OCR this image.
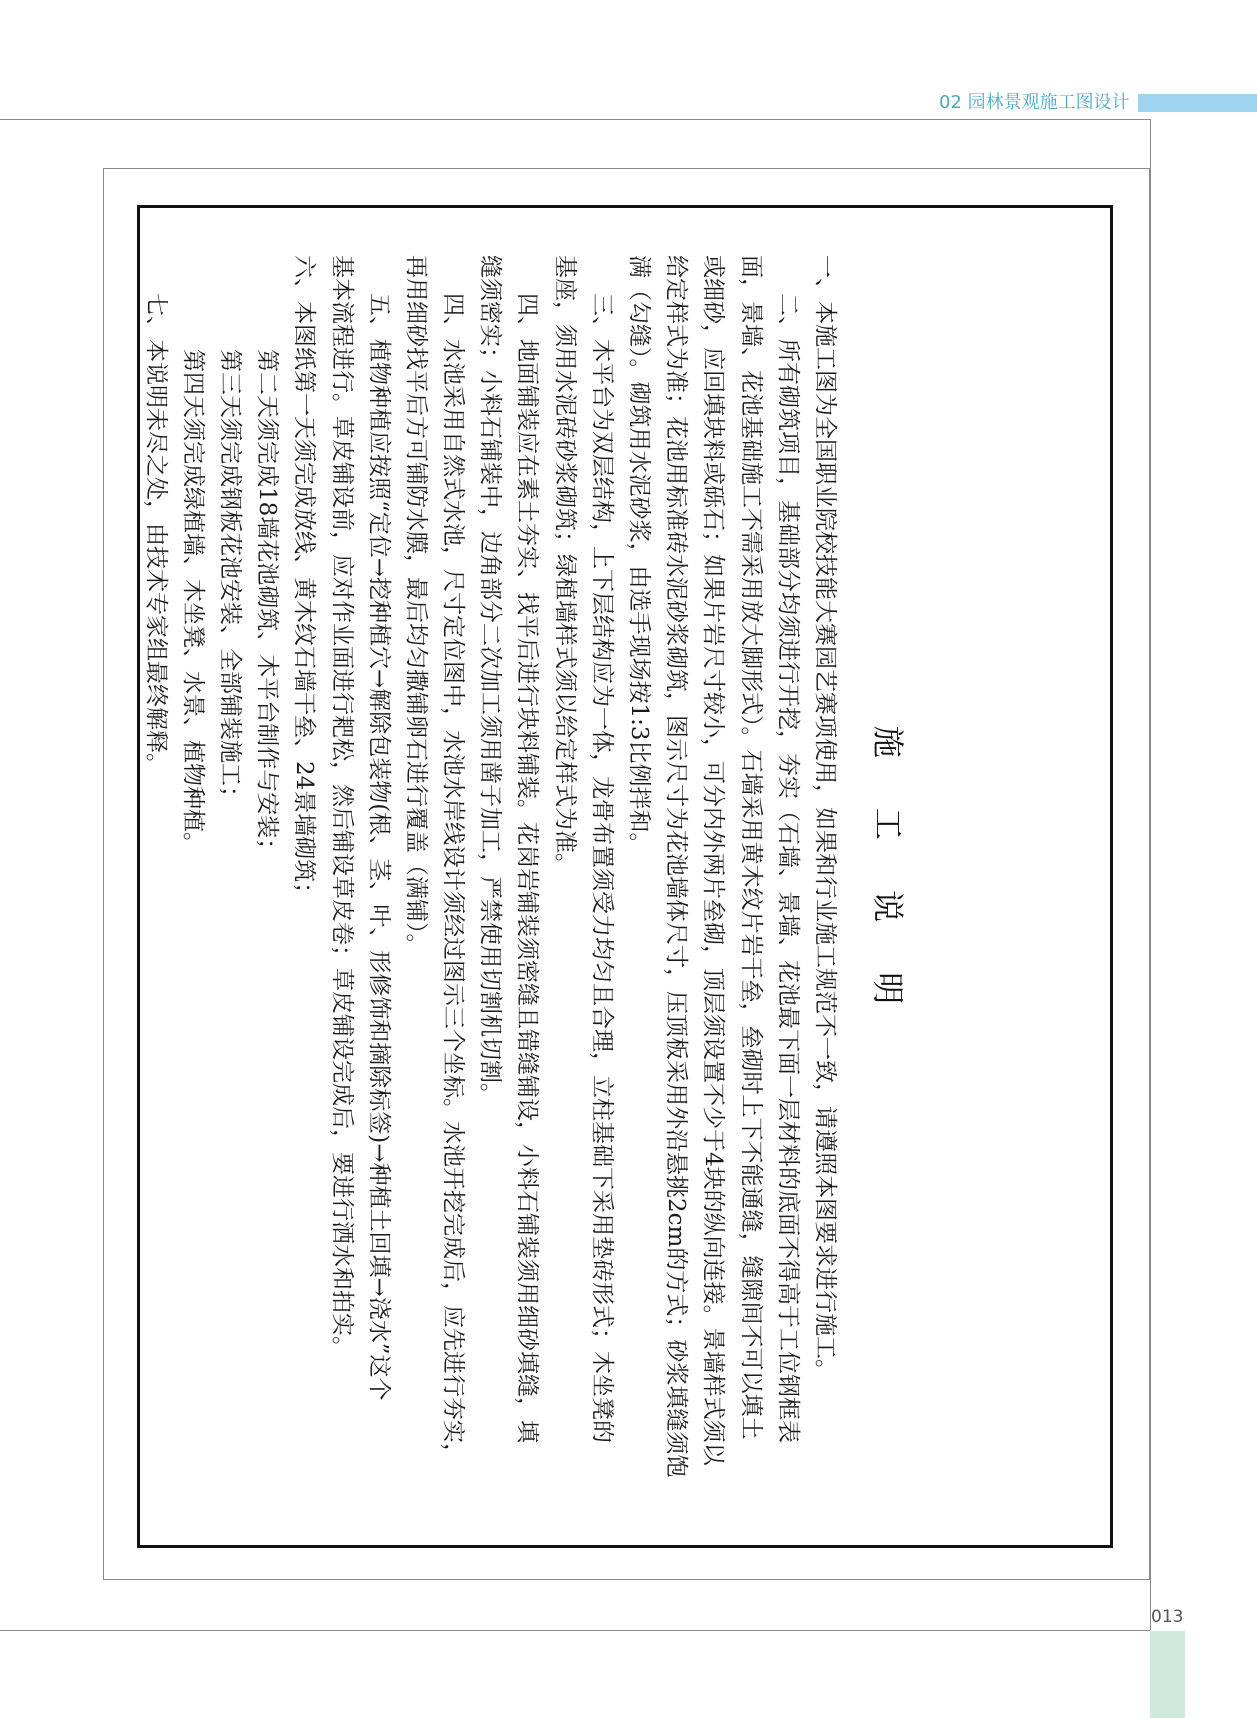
02 园林景观施工图设计
013
施 工 说 明
一、本施工图为全国职业院校技能大赛园艺赛项使用，如果和行业施工规范不一致，请遵照本图要求进行施工。
二、所有砌筑项目，基础部分均须进行开挖，夯实（石墙、景墙、花池最下面一层材料的底面不得高于工位钢框表
面，景墙、花池基础施工不需采用放大脚形式）。石墙采用黄木纹片岩干垒，垒砌时上下不能通缝，缝隙间不可以填土
或细砂，应回填块料或砾石；如果片岩尺寸较小，可分内外两片垒砌，顶层须设置不少于4块的纵向连接。景墙样式须以
给定样式为准；花池用标准砖水泥砂浆砌筑，图示尺寸为花池墙体尺寸，压顶板采用外沿悬挑2cm的方式；砂浆填缝须饱
满（勾缝）。砌筑用水泥砂浆，由选手现场按1:3比例拌和。
三、木平台为双层结构，上下层结构应为一体，龙骨布置须受力均匀且合理，立柱基础下采用垫砖形式；木坐凳的
基座，须用水泥砖砂浆砌筑；绿植墙样式须以给定样式为准。
四、地面铺装应在素土夯实、找平后进行块料铺装。花岗岩铺装须密缝且错缝铺设，小料石铺装须用细砂填缝，填
缝须密实；小料石铺装中，边角部分二次加工须用凿子加工，严禁使用切割机切割。
四、水池采用自然式水池，尺寸定位图中，水池水岸线设计须经过图示三个坐标。水池开挖完成后，应先进行夯实，
再用细砂找平后方可铺防水膜，最后均匀撒铺卵石进行覆盖（满铺）。
五、植物种植应按照“定位→挖种植穴→解除包装物(根、茎、叶、形修饰和摘除标签)→种植土回填→浇水”这个
基本流程进行。草皮铺设前，应对作业面进行耙松，然后铺设草皮卷；草皮铺设完成后，要进行洒水和拍实。
六、本图纸第一天须完成放线、黄木纹石墙干垒、24景墙砌筑；
第二天须完成18墙花池砌筑、木平台制作与安装；
第三天须完成钢板花池安装、全部铺装施工；
第四天须完成绿植墙、木坐凳、水景、植物种植。
七、本说明未尽之处，由技术专家组最终解释。
